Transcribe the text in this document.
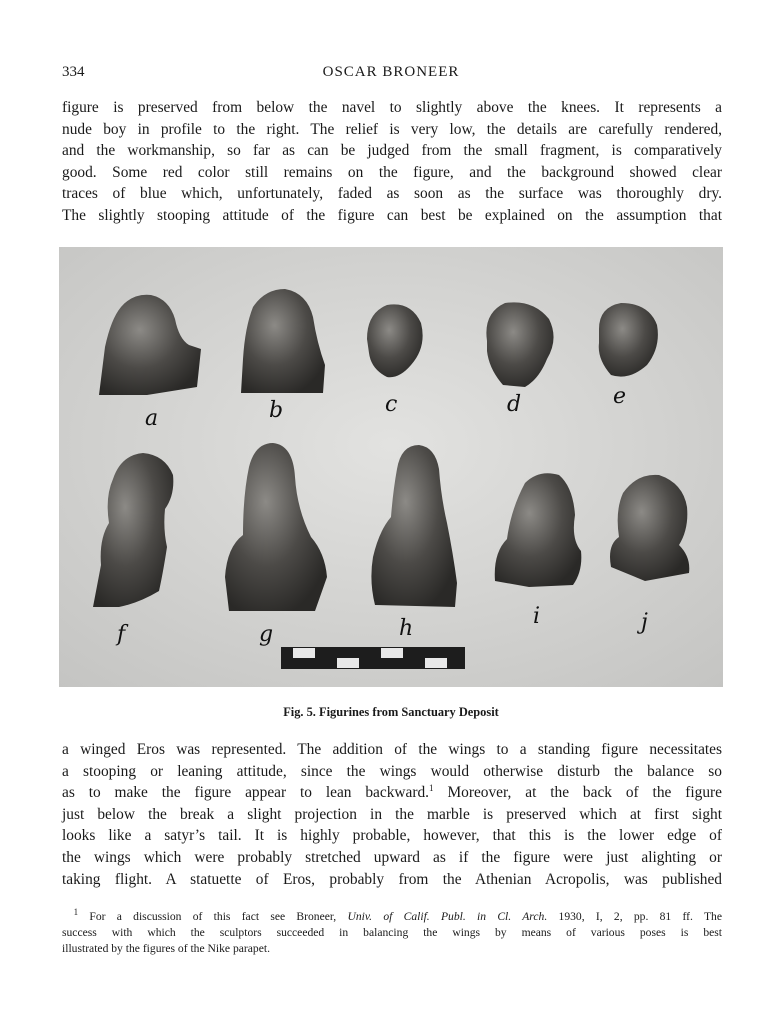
334	OSCAR BRONEER
figure is preserved from below the navel to slightly above the knees. It represents a
nude boy in profile to the right. The relief is very low, the details are carefully rendered,
and the workmanship, so far as can be judged from the small fragment, is comparatively
good. Some red color still remains on the figure, and the background showed clear
traces of blue which, unfortunately, faded as soon as the surface was thoroughly dry.
The slightly stooping attitude of the figure can best be explained on the assumption that
a	b	c	d	e
f	g	h	i	j
Fig. 5. Figurines from Sanctuary Deposit
a winged Eros was represented. The addition of the wings to a standing figure necessitates
a stooping or leaning attitude, since the wings would otherwise disturb the balance so
as to make the figure appear to lean backward.$^1$ Moreover, at the back of the figure
just below the break a slight projection in the marble is preserved which at first sight
looks like a satyr’s tail. It is highly probable, however, that this is the lower edge of
the wings which were probably stretched upward as if the figure were just alighting or
taking flight. A statuette of Eros, probably from the Athenian Acropolis, was published
 $^1$ For a discussion of this fact see Broneer, Univ. of Calif. Publ. in Cl. Arch. 1930, I, 2, pp. 81 ff. The
success with which the sculptors succeeded in balancing the wings by means of various poses is best
illustrated by the figures of the Nike parapet.
